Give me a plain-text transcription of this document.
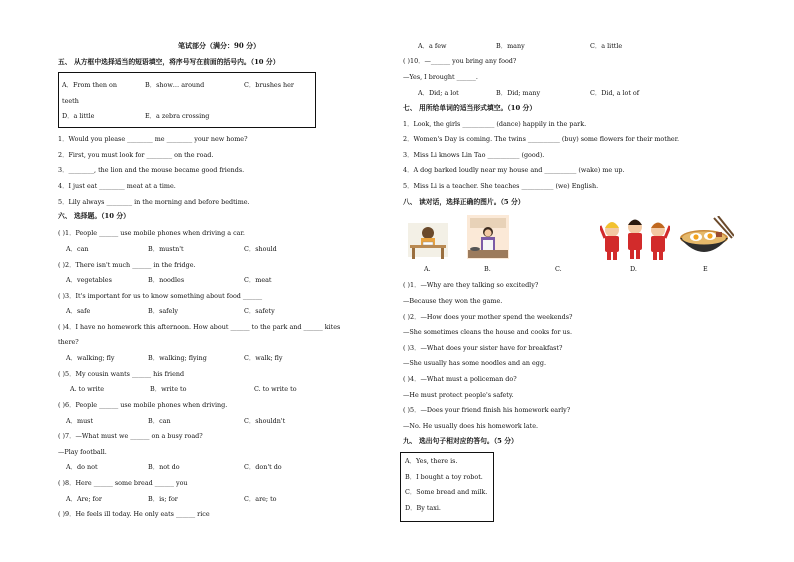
笔试部分（满分：90 分）
五、 从方框中选择适当的短语填空，将序号写在前面的括号内。（10 分）
A．From then on	B．show… around	C．brushes her
teeth
D．a little	E．a zebra crossing
1．Would you please ________ me ________ your new home?
2．First, you must look for ________ on the road.
3．________, the lion and the mouse became good friends.
4．I just eat ________ meat at a time.
5．Lily always ________ in the morning and before bedtime.
六、 选择题。（10 分）
( )1．People ______ use mobile phones when driving a car.
A．can	B．mustn't	C．should
( )2．There isn't much ______ in the fridge.
A．vegetables	B．noodles	C．meat
( )3．It's important for us to know something about food ______
A．safe	B．safely	C．safety
( )4．I have no homework this afternoon. How about ______ to the park and ______ kites
there?
A．walking; fly	B．walking; flying	C．walk; fly
( )5．My cousin wants ______ his friend
A. to write	B．write to	C. to write to
( )6．People ______ use mobile phones when driving.
A．must	B．can	C．shouldn't
( )7．—What must we ______ on a busy road?
—Play football.
A．do not	B．not do	C．don't do
( )8．Here ______ some bread ______ you
A．Are; for	B．is; for	C．are; to
( )9．He feels ill today. He only eats ______ rice
A．a few	B．many	C．a little
( )10．—______ you bring any food?
—Yes, I brought ______.
A．Did; a lot	B．Did; many	C．Did, a lot of
七、 用所给单词的适当形式填空。（10 分）
1．Look, the girls __________ (dance) happily in the park.
2．Women's Day is coming. The twins __________ (buy) some flowers for their mother.
3．Miss Li knows Lin Tao __________ (good).
4．A dog barked loudly near my house and __________ (wake) me up.
5．Miss Li is a teacher. She teaches __________ (we) English.
八、 读对话，选择正确的图片。（5 分）
A.	B.	C.	D.	E
( )1．—Why are they talking so excitedly?
—Because they won the game.
( )2．—How does your mother spend the weekends?
—She sometimes cleans the house and cooks for us.
( )3．—What does your sister have for breakfast?
—She usually has some noodles and an egg.
( )4．—What must a policeman do?
—He must protect people's safety.
( )5．—Does your friend finish his homework early?
—No. He usually does his homework late.
九、 选出句子相对应的答句。（5 分）
A．Yes, there is.
B．I bought a toy robot.
C．Some bread and milk.
D．By taxi.
